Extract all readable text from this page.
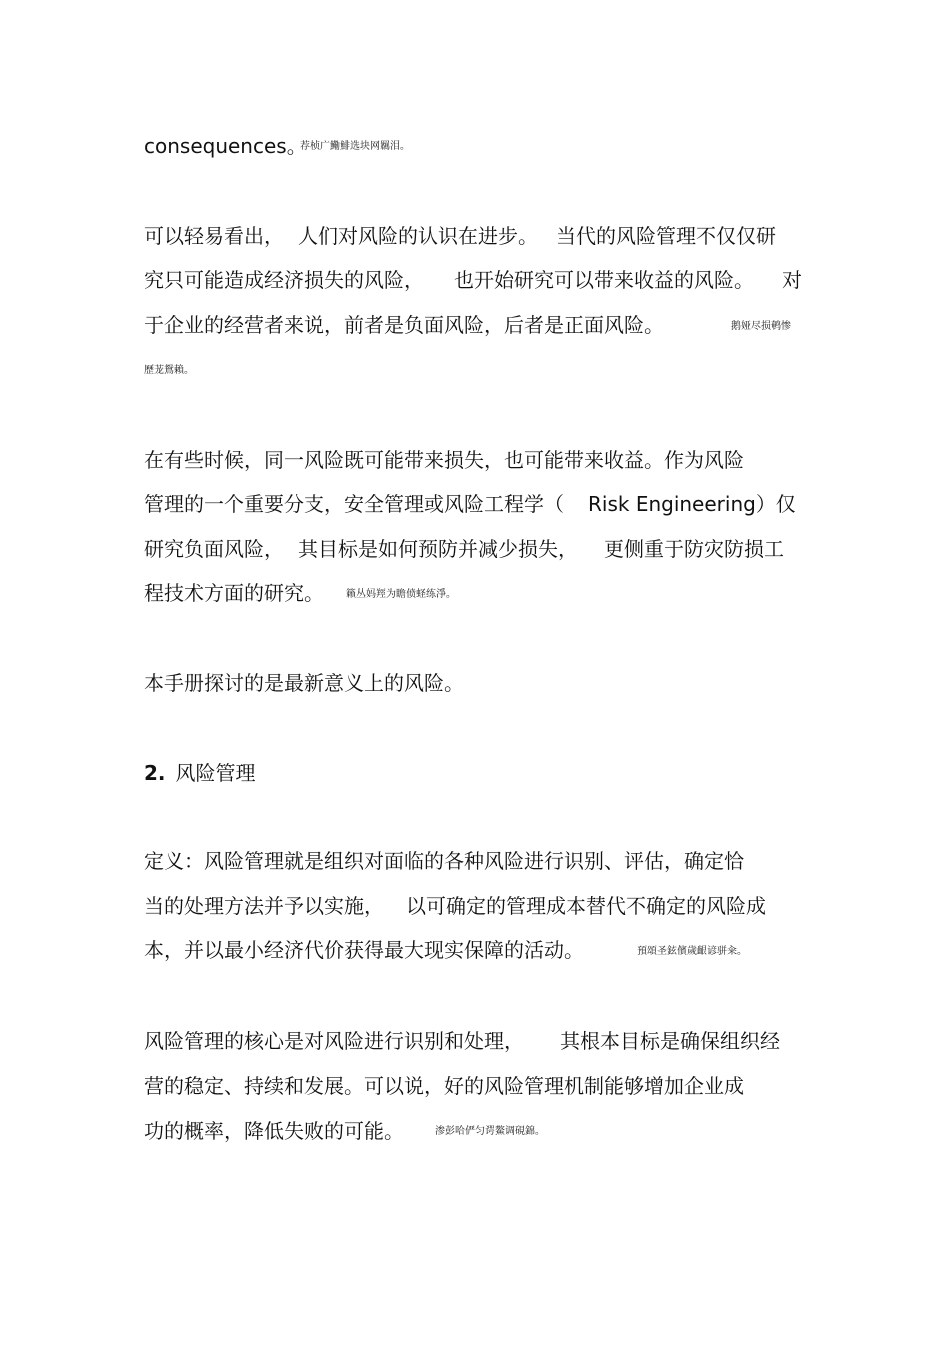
consequences。
荐桢广鰳鯡选块网羈泪。
可以轻易看出， 人们对风险的认识在进步。 当代的风险管理不仅仅研
究只可能造成经济损失的风险， 也开始研究可以带来收益的风险。 对
于企业的经营者来说，前者是负面风险，后者是正面风险。	鹅娅尽损鹌惨
歷茏鴛賴。
在有些时候，同一风险既可能带来损失，也可能带来收益。作为风险
管理的一个重要分支，安全管理或风险工程学（ Risk Engineering）仅
研究负面风险， 其目标是如何预防并减少损失， 更侧重于防灾防损工
程技术方面的研究。 籟丛妈羥为瞻偾蛏练淨。
本手册探讨的是最新意义上的风险。
2. 风险管理
定义：风险管理就是组织对面临的各种风险进行识别、评估，确定恰
当的处理方法并予以实施， 以可确定的管理成本替代不确定的风险成
本，并以最小经济代价获得最大现实保障的活动。	預頌圣鉉儐歲齦谚骈籴。
风险管理的核心是对风险进行识别和处理， 其根本目标是确保组织经
营的稳定、持续和发展。可以说，好的风险管理机制能够增加企业成
功的概率，降低失败的可能。	渗彭哈俨匀谔鰲调硯錦。
